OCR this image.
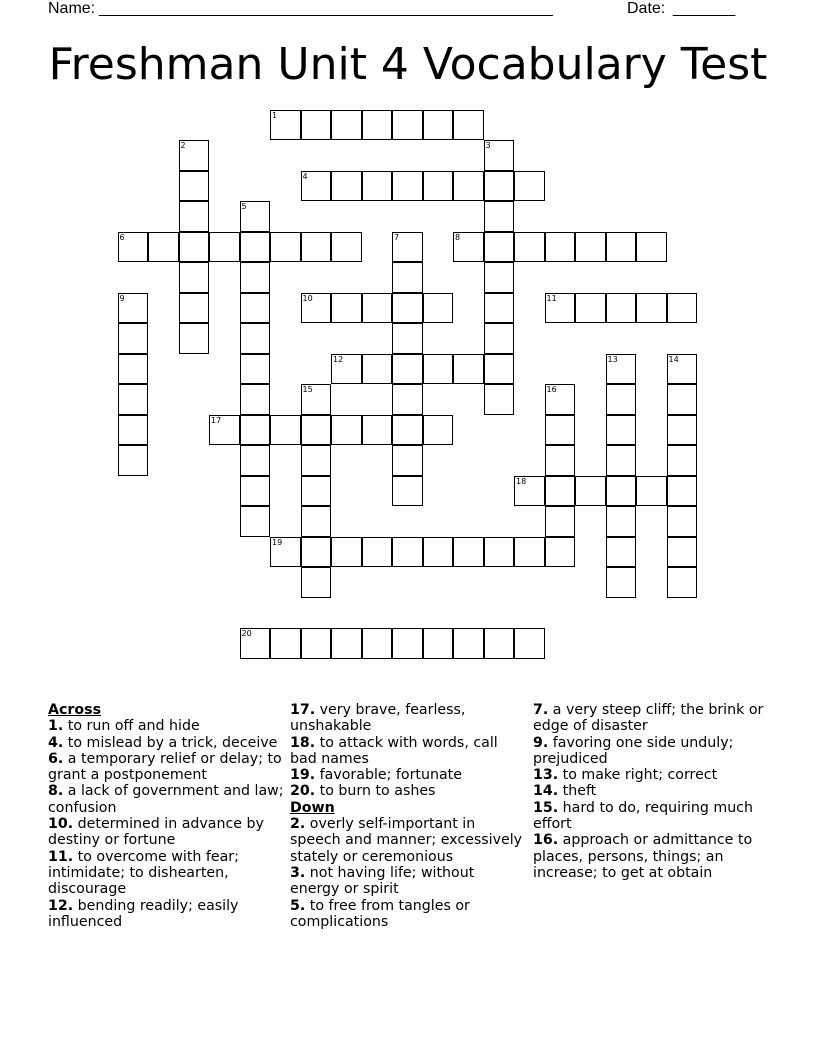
Name: ___________________________________________________	Date: _______
Freshman Unit 4 Vocabulary Test
1
2	3
4
5
6	7	8
9	10	11
12	13	14
15	16
17
18
19
20
Across
1. to run off and hide
4. to mislead by a trick, deceive
6. a temporary relief or delay; to grant a postponement
8. a lack of government and law; confusion
10. determined in advance by destiny or fortune
11. to overcome with fear; intimidate; to dishearten, discourage
12. bending readily; easily influenced
17. very brave, fearless, unshakable
18. to attack with words, call bad names
19. favorable; fortunate
20. to burn to ashes
Down
2. overly self-important in speech and manner; excessively stately or ceremonious
3. not having life; without energy or spirit
5. to free from tangles or complications
7. a very steep cliff; the brink or edge of disaster
9. favoring one side unduly; prejudiced
13. to make right; correct
14. theft
15. hard to do, requiring much effort
16. approach or admittance to places, persons, things; an increase; to get at obtain
